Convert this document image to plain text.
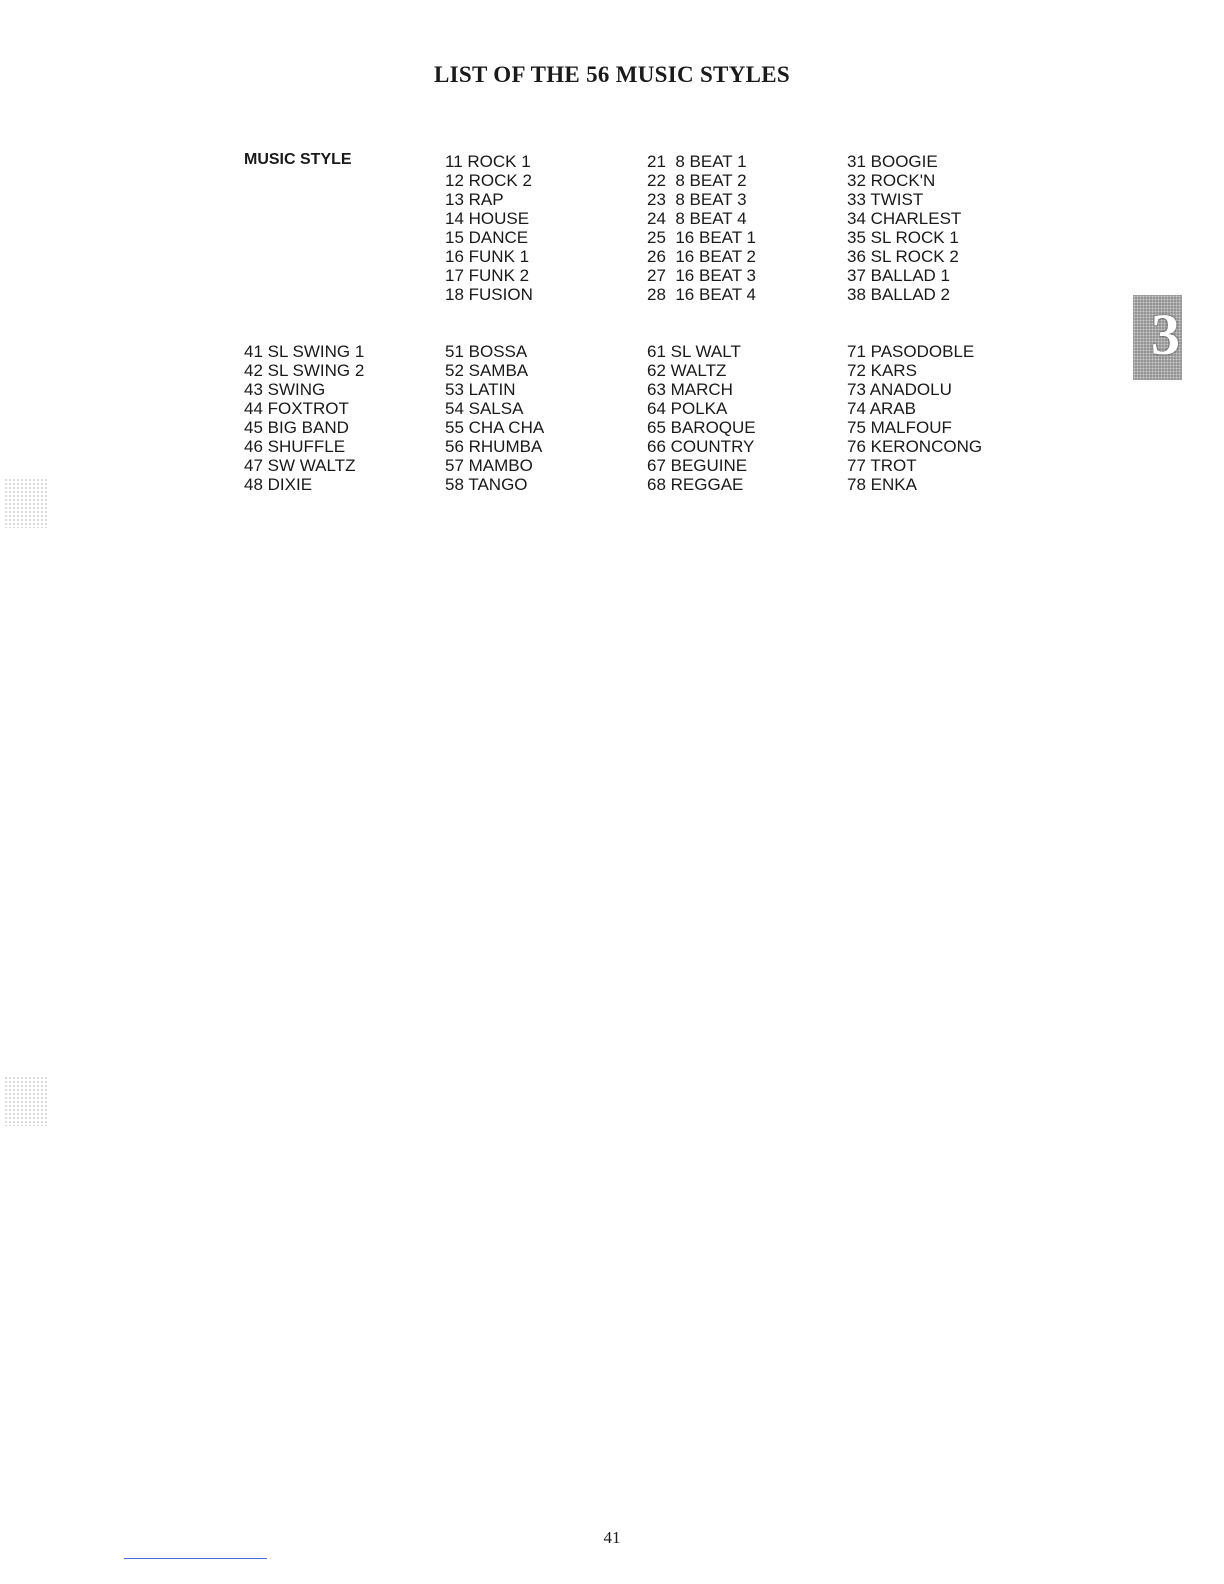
LIST OF THE 56 MUSIC STYLES
MUSIC STYLE	11 ROCK 1
12 ROCK 2
13 RAP
14 HOUSE
15 DANCE
16 FUNK 1
17 FUNK 2
18 FUSION
21  8 BEAT 1
22  8 BEAT 2
23  8 BEAT 3
24  8 BEAT 4
25  16 BEAT 1
26  16 BEAT 2
27  16 BEAT 3
28  16 BEAT 4
31 BOOGIE
32 ROCK'N
33 TWIST
34 CHARLEST
35 SL ROCK 1
36 SL ROCK 2
37 BALLAD 1
38 BALLAD 2
41 SL SWING 1
42 SL SWING 2
43 SWING
44 FOXTROT
45 BIG BAND
46 SHUFFLE
47 SW WALTZ
48 DIXIE
51 BOSSA
52 SAMBA
53 LATIN
54 SALSA
55 CHA CHA
56 RHUMBA
57 MAMBO
58 TANGO
61 SL WALT
62 WALTZ
63 MARCH
64 POLKA
65 BAROQUE
66 COUNTRY
67 BEGUINE
68 REGGAE
71 PASODOBLE
72 KARS
73 ANADOLU
74 ARAB
75 MALFOUF
76 KERONCONG
77 TROT
78 ENKA
3
41
